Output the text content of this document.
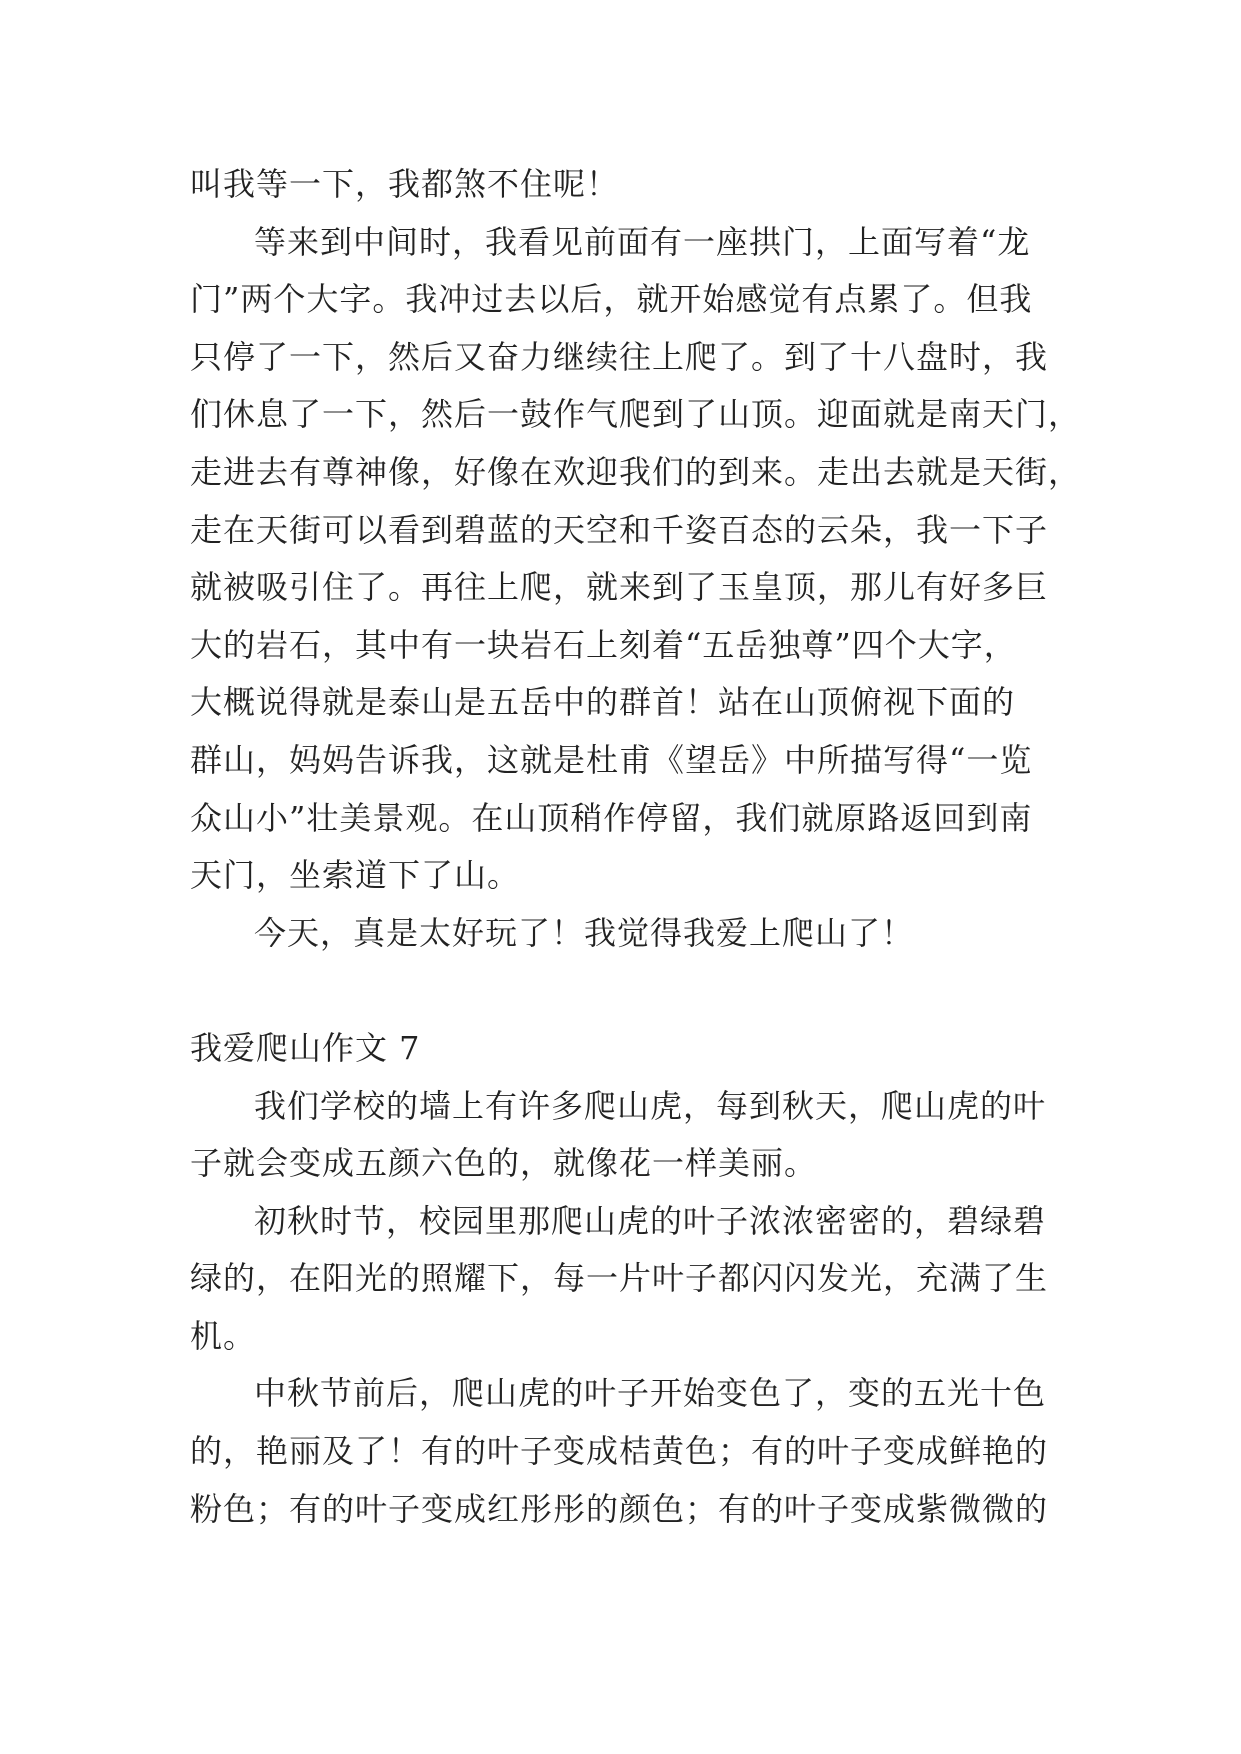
叫我等一下，我都煞不住呢！
等来到中间时，我看见前面有一座拱门，上面写着“龙
门”两个大字。我冲过去以后，就开始感觉有点累了。但我
只停了一下，然后又奋力继续往上爬了。到了十八盘时，我
们休息了一下，然后一鼓作气爬到了山顶。迎面就是南天门，
走进去有尊神像，好像在欢迎我们的到来。走出去就是天街，
走在天街可以看到碧蓝的天空和千姿百态的云朵，我一下子
就被吸引住了。再往上爬，就来到了玉皇顶，那儿有好多巨
大的岩石，其中有一块岩石上刻着“五岳独尊”四个大字，
大概说得就是泰山是五岳中的群首！站在山顶俯视下面的
群山，妈妈告诉我，这就是杜甫《望岳》中所描写得“一览
众山小”壮美景观。在山顶稍作停留，我们就原路返回到南
天门，坐索道下了山。
今天，真是太好玩了！我觉得我爱上爬山了！
我爱爬山作文 7
我们学校的墙上有许多爬山虎，每到秋天，爬山虎的叶
子就会变成五颜六色的，就像花一样美丽。
初秋时节，校园里那爬山虎的叶子浓浓密密的，碧绿碧
绿的，在阳光的照耀下，每一片叶子都闪闪发光，充满了生
机。
中秋节前后，爬山虎的叶子开始变色了，变的五光十色
的，艳丽及了！有的叶子变成桔黄色；有的叶子变成鲜艳的
粉色；有的叶子变成红彤彤的颜色；有的叶子变成紫微微的
